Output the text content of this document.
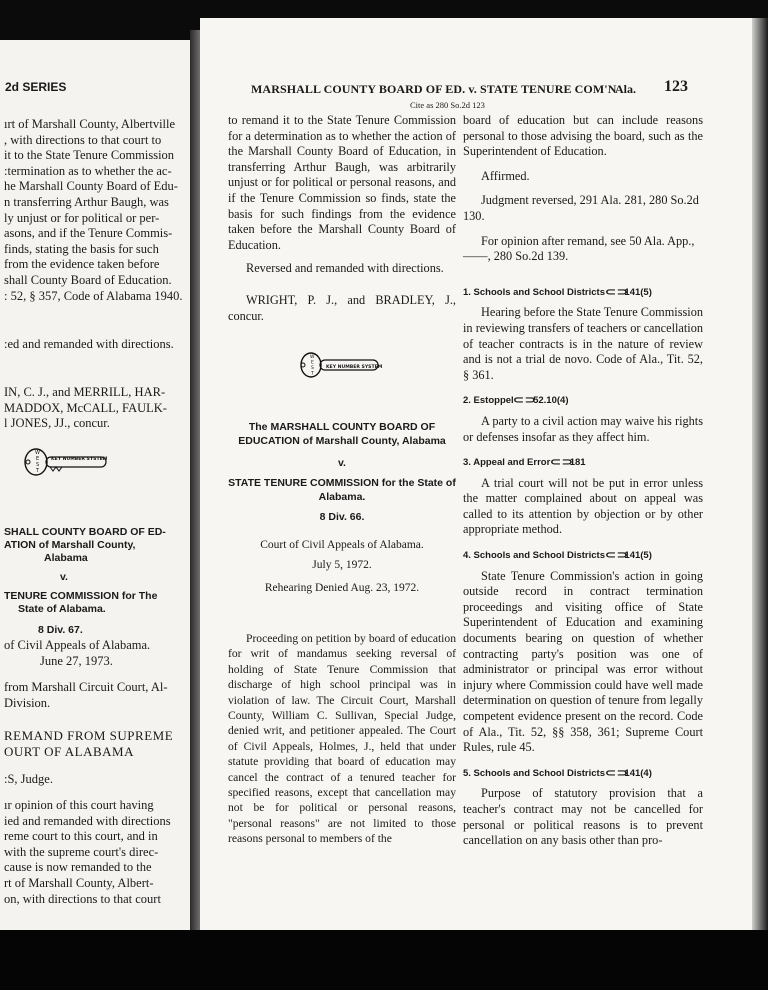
2d SERIES
ırt of Marshall County, Albertville
, with directions to that court to
it to the State Tenure Commission
:termination as to whether the ac-
he Marshall County Board of Edu-
n transferring Arthur Baugh, was
ly unjust or for political or per-
asons, and if the Tenure Commis-
finds, stating the basis for such
from the evidence taken before
shall County Board of Education.
: 52, § 357, Code of Alabama 1940.
:ed and remanded with directions.
IN, C. J., and MERRILL, HAR-
MADDOX, McCALL, FAULK-
l JONES, JJ., concur.
W
E
S
T
KEY NUMBER SYSTEM
SHALL COUNTY BOARD OF ED-
ATION of Marshall County,
Alabama
v.
TENURE COMMISSION for The
State of Alabama.
8 Div. 67.
of Civil Appeals of Alabama.
June 27, 1973.
from Marshall Circuit Court, Al-
Division.
REMAND FROM SUPREME
OURT OF ALABAMA
:S, Judge.
ır opinion of this court having
ied and remanded with directions
reme court to this court, and in
with the supreme court's direc-
cause is now remanded to the
rt of Marshall County, Albert-
on, with directions to that court
MARSHALL COUNTY BOARD OF ED. v. STATE TENURE COM'N
Ala. 123
Cite as 280 So.2d 123

to remand it to the State Tenure Commission for a determination as to whether the action of the Marshall County Board of Education, in transferring Arthur Baugh, was arbitrarily unjust or for political or personal reasons, and if the Tenure Commission so finds, state the basis for such findings from the evidence taken before the Marshall County Board of Education.

Reversed and remanded with directions.

WRIGHT, P. J., and BRADLEY, J., concur.

W
E
S
T
KEY NUMBER SYSTEM
The MARSHALL COUNTY BOARD OF EDUCATION of Marshall County, Alabama
v.
STATE TENURE COMMISSION for the State of Alabama.
8 Div. 66.

Court of Civil Appeals of Alabama.

July 5, 1972.

Rehearing Denied Aug. 23, 1972.

Proceeding on petition by board of education for writ of mandamus seeking reversal of holding of State Tenure Commission that discharge of high school principal was in violation of law. The Circuit Court, Marshall County, William C. Sullivan, Special Judge, denied writ, and petitioner appealed. The Court of Civil Appeals, Holmes, J., held that under statute providing that board of education may cancel the contract of a tenured teacher for specified reasons, except that cancellation may not be for political or personal reasons, "personal reasons" are not limited to those reasons personal to members of the

board of education but can include reasons personal to those advising the board, such as the Superintendent of Education.

Affirmed.

Judgment reversed, 291 Ala. 281, 280 So.2d 130.

For opinion after remand, see 50 Ala. App., ——, 280 So.2d 139.

1. Schools and School Districts ⊂⊃141(5)

Hearing before the State Tenure Commission in reviewing transfers of teachers or cancellation of teacher contracts is in the nature of review and is not a trial de novo. Code of Ala., Tit. 52, § 361.

2. Estoppel ⊂⊃52.10(4)

A party to a civil action may waive his rights or defenses insofar as they affect him.

3. Appeal and Error ⊂⊃181

A trial court will not be put in error unless the matter complained about on appeal was called to its attention by objection or by other appropriate method.

4. Schools and School Districts ⊂⊃141(5)

State Tenure Commission's action in going outside record in contract termination proceedings and visiting office of State Superintendent of Education and examining documents bearing on question of whether contracting party's position was one of administrator or principal was error without injury where Commission could have well made determination on question of tenure from legally competent evidence present on the record. Code of Ala., Tit. 52, §§ 358, 361; Supreme Court Rules, rule 45.

5. Schools and School Districts ⊂⊃141(4)

Purpose of statutory provision that a teacher's contract may not be cancelled for personal or political reasons is to prevent cancellation on any basis other than pro-
